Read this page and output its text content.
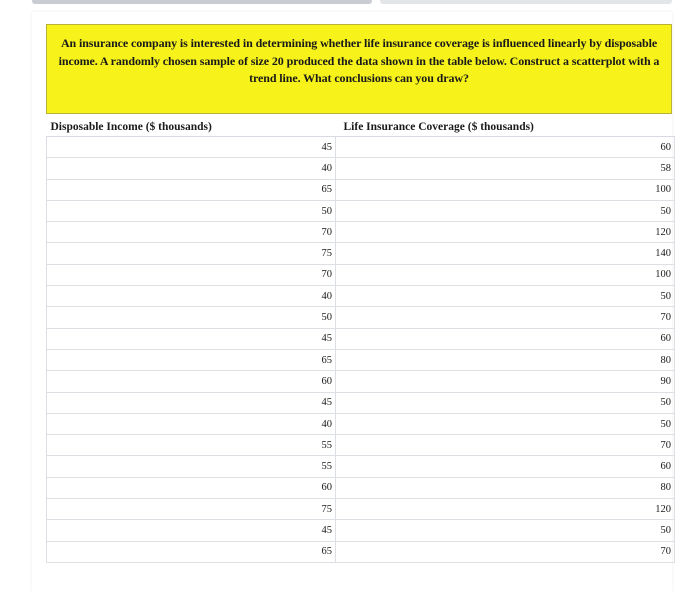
An insurance company is interested in determining whether life insurance coverage is influenced linearly by disposable income. A randomly chosen sample of size 20 produced the data shown in the table below. Construct a scatterplot with a trend line. What conclusions can you draw?
Disposable Income ($ thousands)	Life Insurance Coverage ($ thousands)
45	60
40	58
65	100
50	50
70	120
75	140
70	100
40	50
50	70
45	60
65	80
60	90
45	50
40	50
55	70
55	60
60	80
75	120
45	50
65	70
